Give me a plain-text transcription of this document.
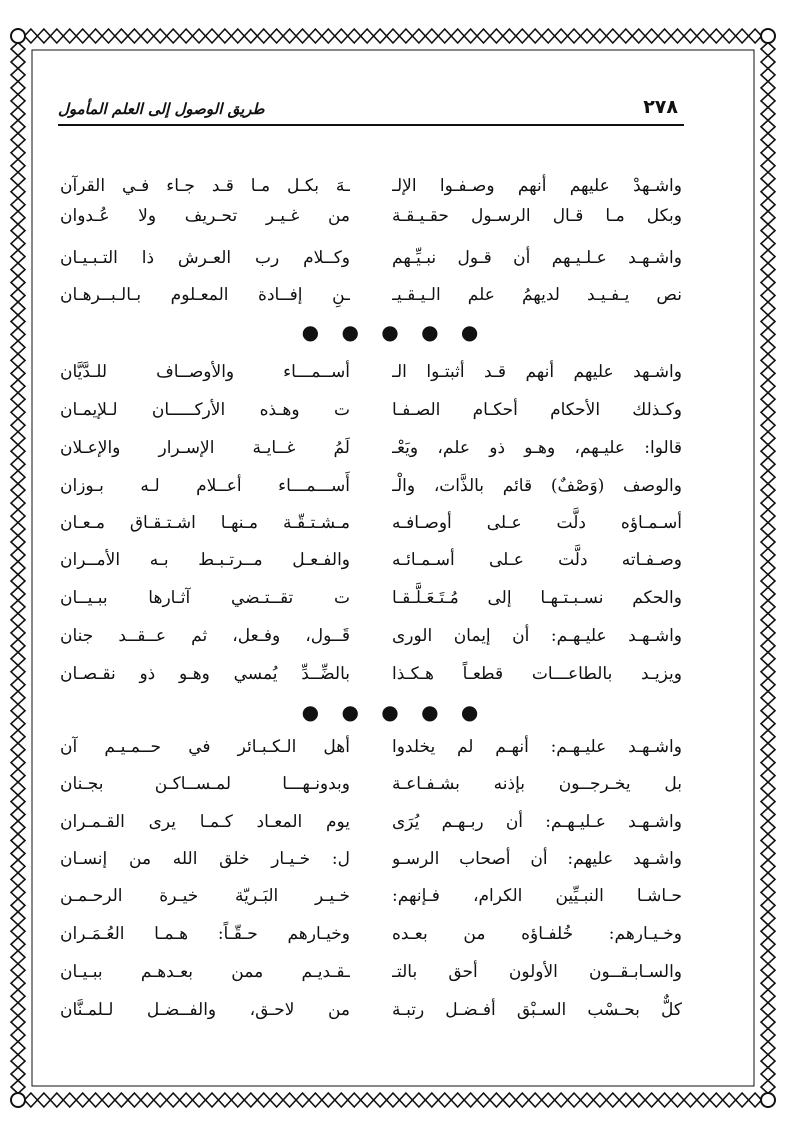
طريق الوصول إلى العلم المأمول	٢٧٨
واشـهدْ عليهم أنهم وصـفـوا الإلـ
ـهَ بكـل مـا قـد جـاء فـي القرآن
وبكل مـا قـال الرسـول حقـيـقـة
من غـيـر تحـريف ولا عُـدوان
واشـهـد عـلـيـهم أن قـول نبـيِّـهم
وكــلام رب العـرش ذا التـبـيـان
نص يـفـيـد لديهمُ علم الـيـقـيـ
ـنِ إفــادة المعـلوم بـالـبــرهـان
● ● ● ● ●
واشـهد عليهم أنهم قـد أثبتـوا الـ
أســمـــاء والأوصــاف للـدَّيَّان
وكـذلك الأحكام أحكـام الصـفـا
ت وهـذه الأركـــــان لـلإيمـان
قالوا: عليـهم، وهـو ذو علم، ويَعْـ
لَمُ غــايـة الإسـرار والإعـلان
والوصف (وَصْفٌ) قائم بالذَّات، والْـ
أَســـمـــاء أعــلام لـه بـوزان
أسـمـاؤه دلَّت عـلى أوصـافـه
مـشـتـقّـة مـنهـا اشـتـقـاق مـعـان
وصـفـاته دلَّت عـلى أسـمـائـه
والفـعـل مــرتـبـط بـه الأمــران
والحكم نسـبـتـهـا إلى مُـتَـعَـلَّـقـا
ت تقــتـضي آثـارها ببـيــان
واشـهـد عليـهـم: أن إيمان الورى
قَــول، وفـعل، ثم عــقــد جنان
ويزيـد بالطاعـــات قطعـاً هـكـذا
بالضِّــدِّ يُمسي وهـو ذو نقـصـان
● ● ● ● ●
واشـهـد عليـهـم: أنهـم لم يخلدوا
أهل الـكـبـائر في حــمـيـم آن
بل يخـرجــون بإذنه بشـفـاعـة
وبدونـهـــا لمـســاكـن بجـنان
واشـهـد عـليـهـم: أن ربـهـم يُرَى
يوم المعـاد كـمـا يرى القـمـران
واشـهد عليهم: أن أصحاب الرسـو
ل: خـيـار خلق الله من إنسـان
حـاشـا النبـيِّين الكرام، فـإنهم:
خـيـر البَـريّة خيـرة الرحـمـن
وخـيـارهم: خُلفـاؤه من بعـده
وخيـارهم حـقّـاً: هـمـا العُـمَـران
والسـابـقــون الأولون أحق بالتـ
ـقـديـم ممن بعـدهـم ببـيـان
كلٌّ بحـسْب السـبْق أفـضـل رتبـة
من لاحـق، والفــضـل لـلمـنَّان
